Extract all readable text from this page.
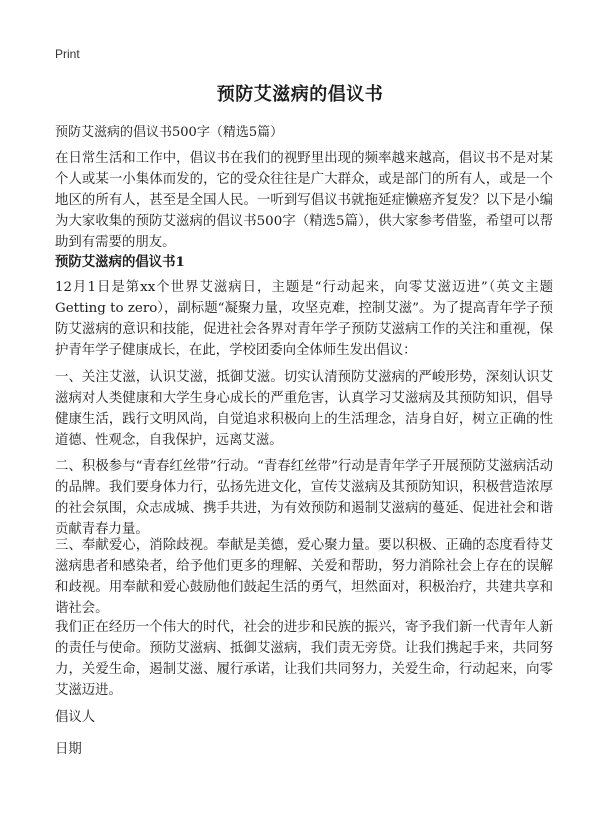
Print
预防艾滋病的倡议书
预防艾滋病的倡议书500字（精选5篇）

在日常生活和工作中，倡议书在我们的视野里出现的频率越来越高，倡议书不是对某个人或某一小集体而发的，它的受众往往是广大群众，或是部门的所有人，或是一个地区的所有人，甚至是全国人民。一听到写倡议书就拖延症懒癌齐复发？以下是小编为大家收集的预防艾滋病的倡议书500字（精选5篇），供大家参考借鉴，希望可以帮助到有需要的朋友。

预防艾滋病的倡议书1

12月1日是第xx个世界艾滋病日，主题是“行动起来，向零艾滋迈进”（英文主题Getting to zero），副标题“凝聚力量，攻坚克难，控制艾滋”。为了提高青年学子预防艾滋病的意识和技能，促进社会各界对青年学子预防艾滋病工作的关注和重视，保护青年学子健康成长，在此，学校团委向全体师生发出倡议：

一、关注艾滋，认识艾滋，抵御艾滋。切实认清预防艾滋病的严峻形势，深刻认识艾滋病对人类健康和大学生身心成长的严重危害，认真学习艾滋病及其预防知识，倡导健康生活，践行文明风尚，自觉追求积极向上的生活理念，洁身自好，树立正确的性道德、性观念，自我保护，远离艾滋。

二、积极参与“青春红丝带”行动。“青春红丝带”行动是青年学子开展预防艾滋病活动的品牌。我们要身体力行，弘扬先进文化，宣传艾滋病及其预防知识，积极营造浓厚的社会氛围，众志成城、携手共进，为有效预防和遏制艾滋病的蔓延、促进社会和谐贡献青春力量。

三、奉献爱心，消除歧视。奉献是美德，爱心聚力量。要以积极、正确的态度看待艾滋病患者和感染者，给予他们更多的理解、关爱和帮助，努力消除社会上存在的误解和歧视。用奉献和爱心鼓励他们鼓起生活的勇气，坦然面对，积极治疗，共建共享和谐社会。

我们正在经历一个伟大的时代，社会的进步和民族的振兴，寄予我们新一代青年人新的责任与使命。预防艾滋病、抵御艾滋病，我们责无旁贷。让我们携起手来，共同努力，关爱生命，遏制艾滋、履行承诺，让我们共同努力，关爱生命，行动起来，向零艾滋迈进。

倡议人
日期
